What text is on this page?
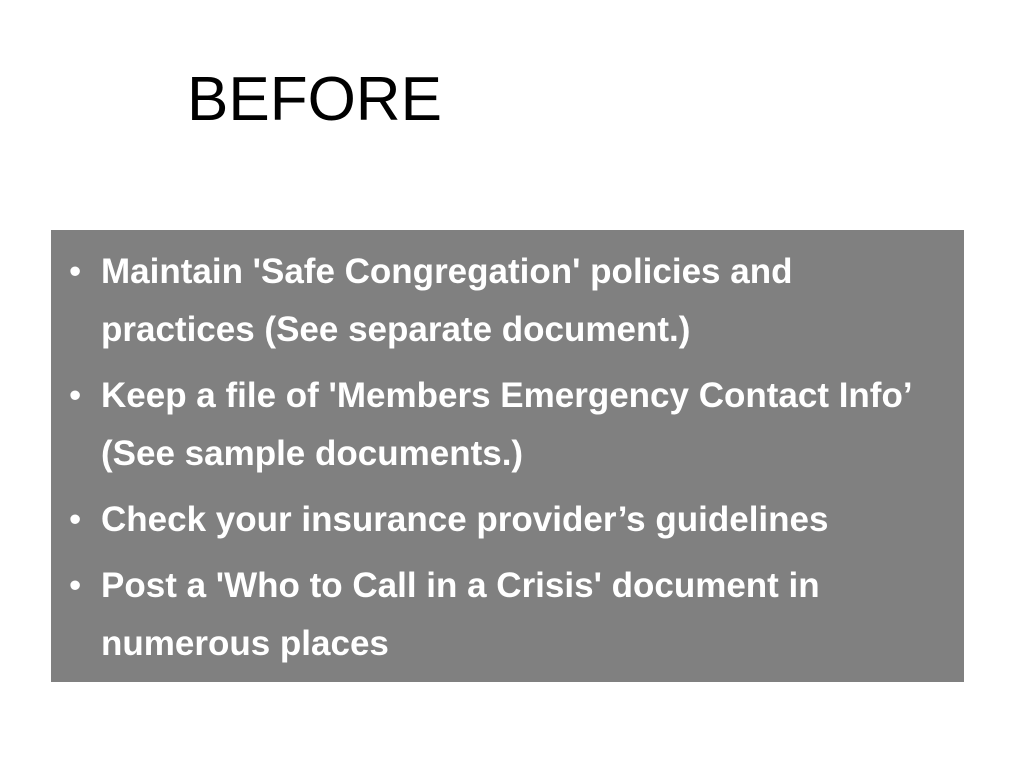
BEFORE
• Maintain 'Safe Congregation' policies and practices (See separate document.)
• Keep a file of 'Members Emergency Contact Info’ (See sample documents.)
• Check your insurance provider’s guidelines
• Post a 'Who to Call in a Crisis' document in numerous places
